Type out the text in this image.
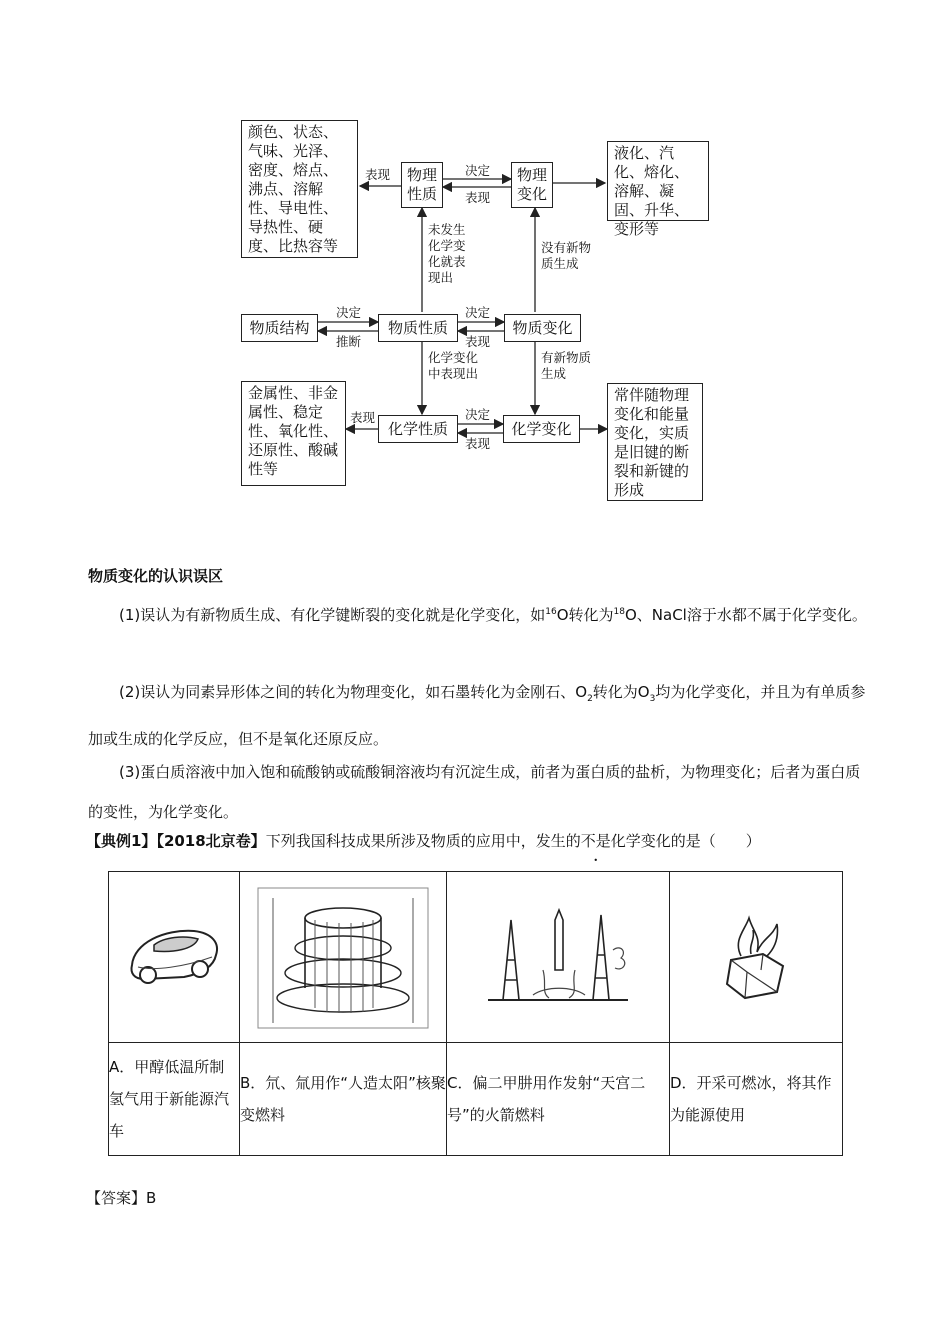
颜色、状态、气味、光泽、密度、熔点、沸点、溶解性、导电性、导热性、硬度、比热容等
物理性质
物理变化
液化、汽化、熔化、溶解、凝固、升华、变形等
物质结构	物质性质	物质变化
金属性、非金属性、稳定性、氧化性、还原性、酸碱性等
化学性质	化学变化
常伴随物理变化和能量变化，实质是旧键的断裂和新键的形成
表现	决定
表现
未发生化学变化就表现出
没有新物质生成
决定
推断
决定
表现
化学变化中表现出
有新物质生成
表现	决定
表现
物质变化的认识误区
(1)误认为有新物质生成、有化学键断裂的变化就是化学变化，如$^{16}$O转化为$^{18}$O、NaCl溶于水都不属于化学变化。
(2)误认为同素异形体之间的转化为物理变化，如石墨转化为金刚石、$O_2$转化为$O_3$均为化学变化，并且为有单质参加或生成的化学反应，但不是氧化还原反应。
(3)蛋白质溶液中加入饱和硫酸钠或硫酸铜溶液均有沉淀生成，前者为蛋白质的盐析，为物理变化；后者为蛋白质的变性，为化学变化。
【典例1】【2018北京卷】下列我国科技成果所涉及物质的应用中，发生的不是化学变化的是（　　）

A．甲醇低温所制氢气用于新能源汽车	B．氘、氚用作“人造太阳”核聚变燃料	C．偏二甲肼用作发射“天宫二号”的火箭燃料	D．开采可燃冰，将其作为能源使用
【答案】B
